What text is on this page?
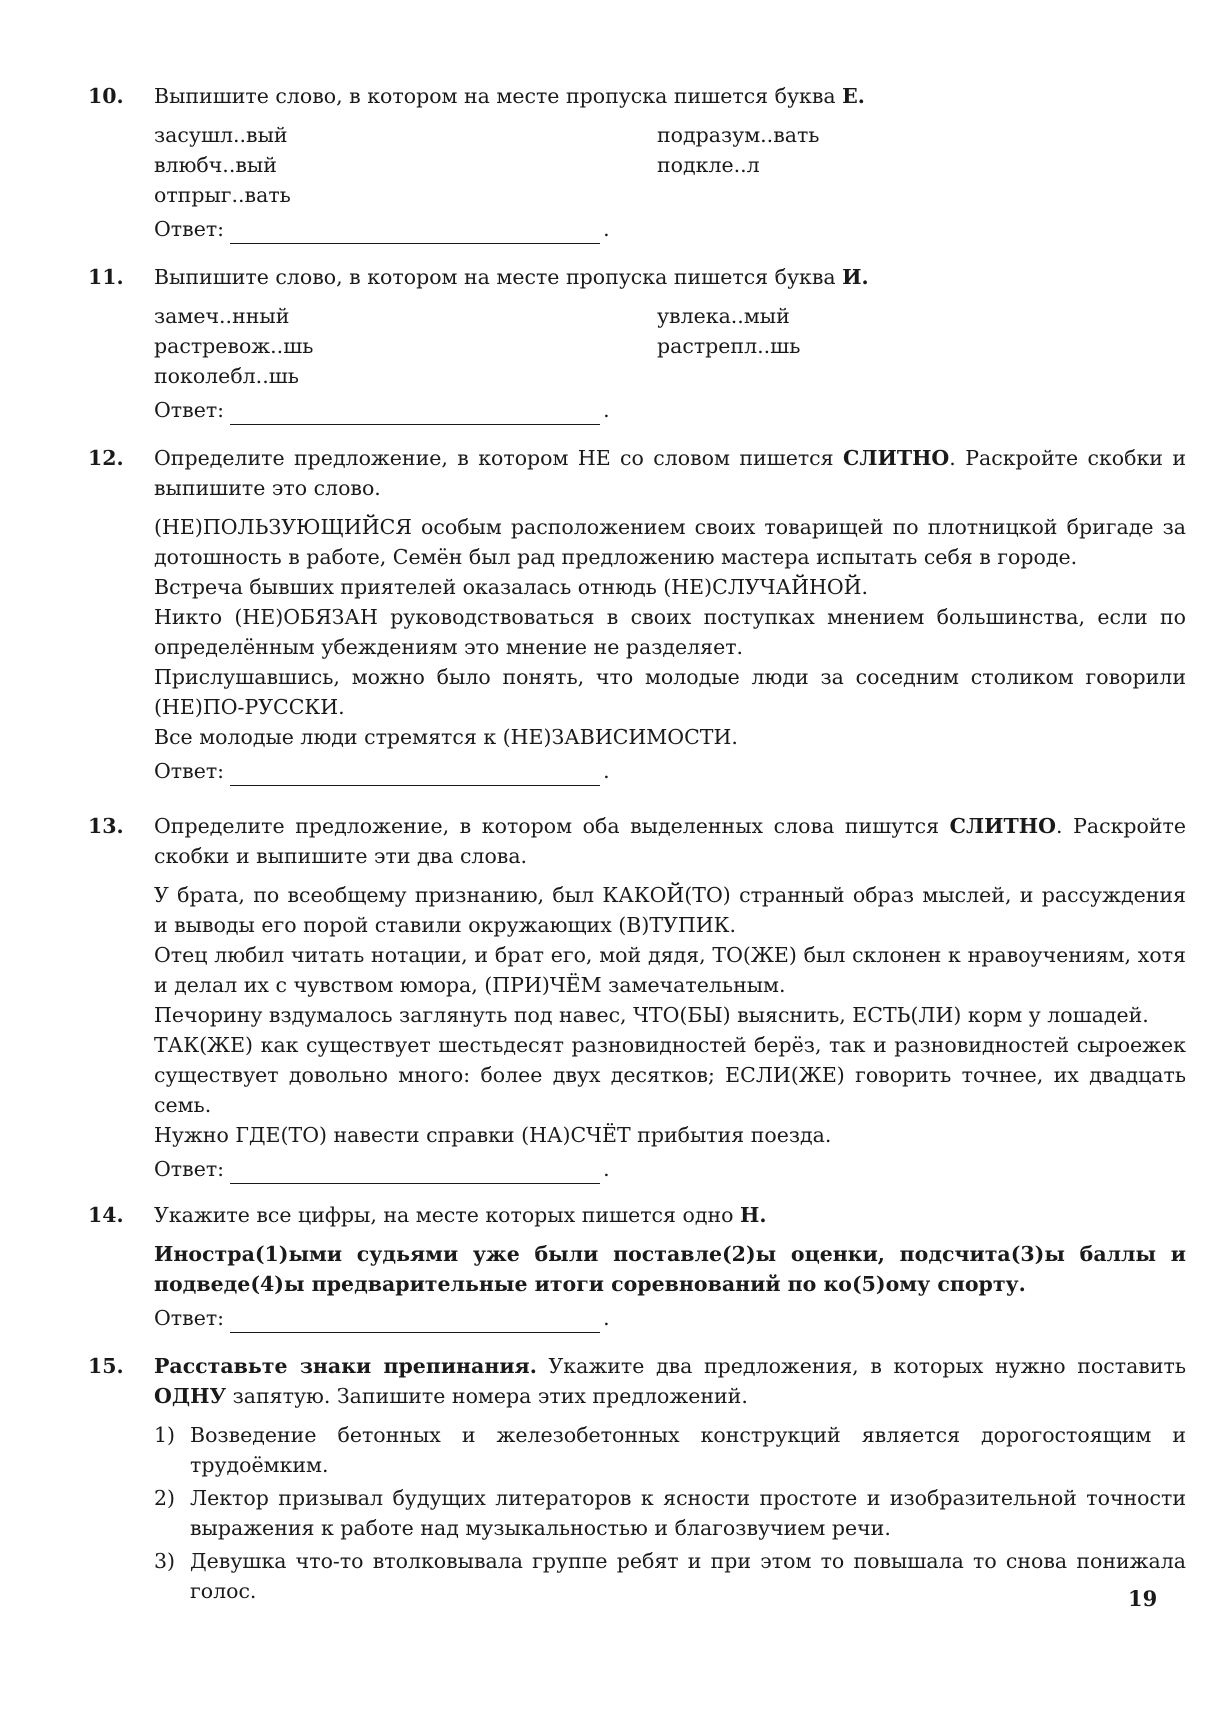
10.	Выпишите слово, в котором на месте пропуска пишется буква Е.

засушл..вый
влюбч..вый
отпрыг..вать
подразум..вать
подкле..л
Ответ:	.
11.	Выпишите слово, в котором на месте пропуска пишется буква И.

замеч..нный
растревож..шь
поколебл..шь
увлека..мый
растрепл..шь
Ответ:	.
12.	Определите предложение, в котором НЕ со словом пишется СЛИТНО. Раскройте скобки и выпишите это слово.

(НЕ)ПОЛЬЗУЮЩИЙСЯ особым расположением своих товарищей по плотницкой бригаде за дотошность в работе, Семён был рад предложению мастера испытать себя в городе.

Встреча бывших приятелей оказалась отнюдь (НЕ)СЛУЧАЙНОЙ.

Никто (НЕ)ОБЯЗАН руководствоваться в своих поступках мнением большинства, если по определённым убеждениям это мнение не разделяет.

Прислушавшись, можно было понять, что молодые люди за соседним столиком говорили (НЕ)ПО-РУССКИ.

Все молодые люди стремятся к (НЕ)ЗАВИСИМОСТИ.

Ответ:	.
13.	Определите предложение, в котором оба выделенных слова пишутся СЛИТНО. Раскройте скобки и выпишите эти два слова.

У брата, по всеобщему признанию, был КАКОЙ(ТО) странный образ мыслей, и рассуждения и выводы его порой ставили окружающих (В)ТУПИК.

Отец любил читать нотации, и брат его, мой дядя, ТО(ЖЕ) был склонен к нравоучениям, хотя и делал их с чувством юмора, (ПРИ)ЧЁМ замечательным.

Печорину вздумалось заглянуть под навес, ЧТО(БЫ) выяснить, ЕСТЬ(ЛИ) корм у лошадей.

ТАК(ЖЕ) как существует шестьдесят разновидностей берёз, так и разновидностей сыроежек существует довольно много: более двух десятков; ЕСЛИ(ЖЕ) говорить точнее, их двадцать семь.

Нужно ГДЕ(ТО) навести справки (НА)СЧЁТ прибытия поезда.

Ответ:	.
14.	Укажите все цифры, на месте которых пишется одно Н.

Иностра(1)ыми судьями уже были поставле(2)ы оценки, подсчита(3)ы баллы и подведе(4)ы предварительные итоги соревнований по ко(5)ому спорту.

Ответ:	.
15.	Расставьте знаки препинания. Укажите два предложения, в которых нужно поставить ОДНУ запятую. Запишите номера этих предложений.

1) Возведение бетонных и железобетонных конструкций является дорогостоящим и трудоёмким.
2) Лектор призывал будущих литераторов к ясности простоте и изобразительной точности выражения к работе над музыкальностью и благозвучием речи.
3) Девушка что-то втолковывала группе ребят и при этом то повышала то снова понижала голос.	19
